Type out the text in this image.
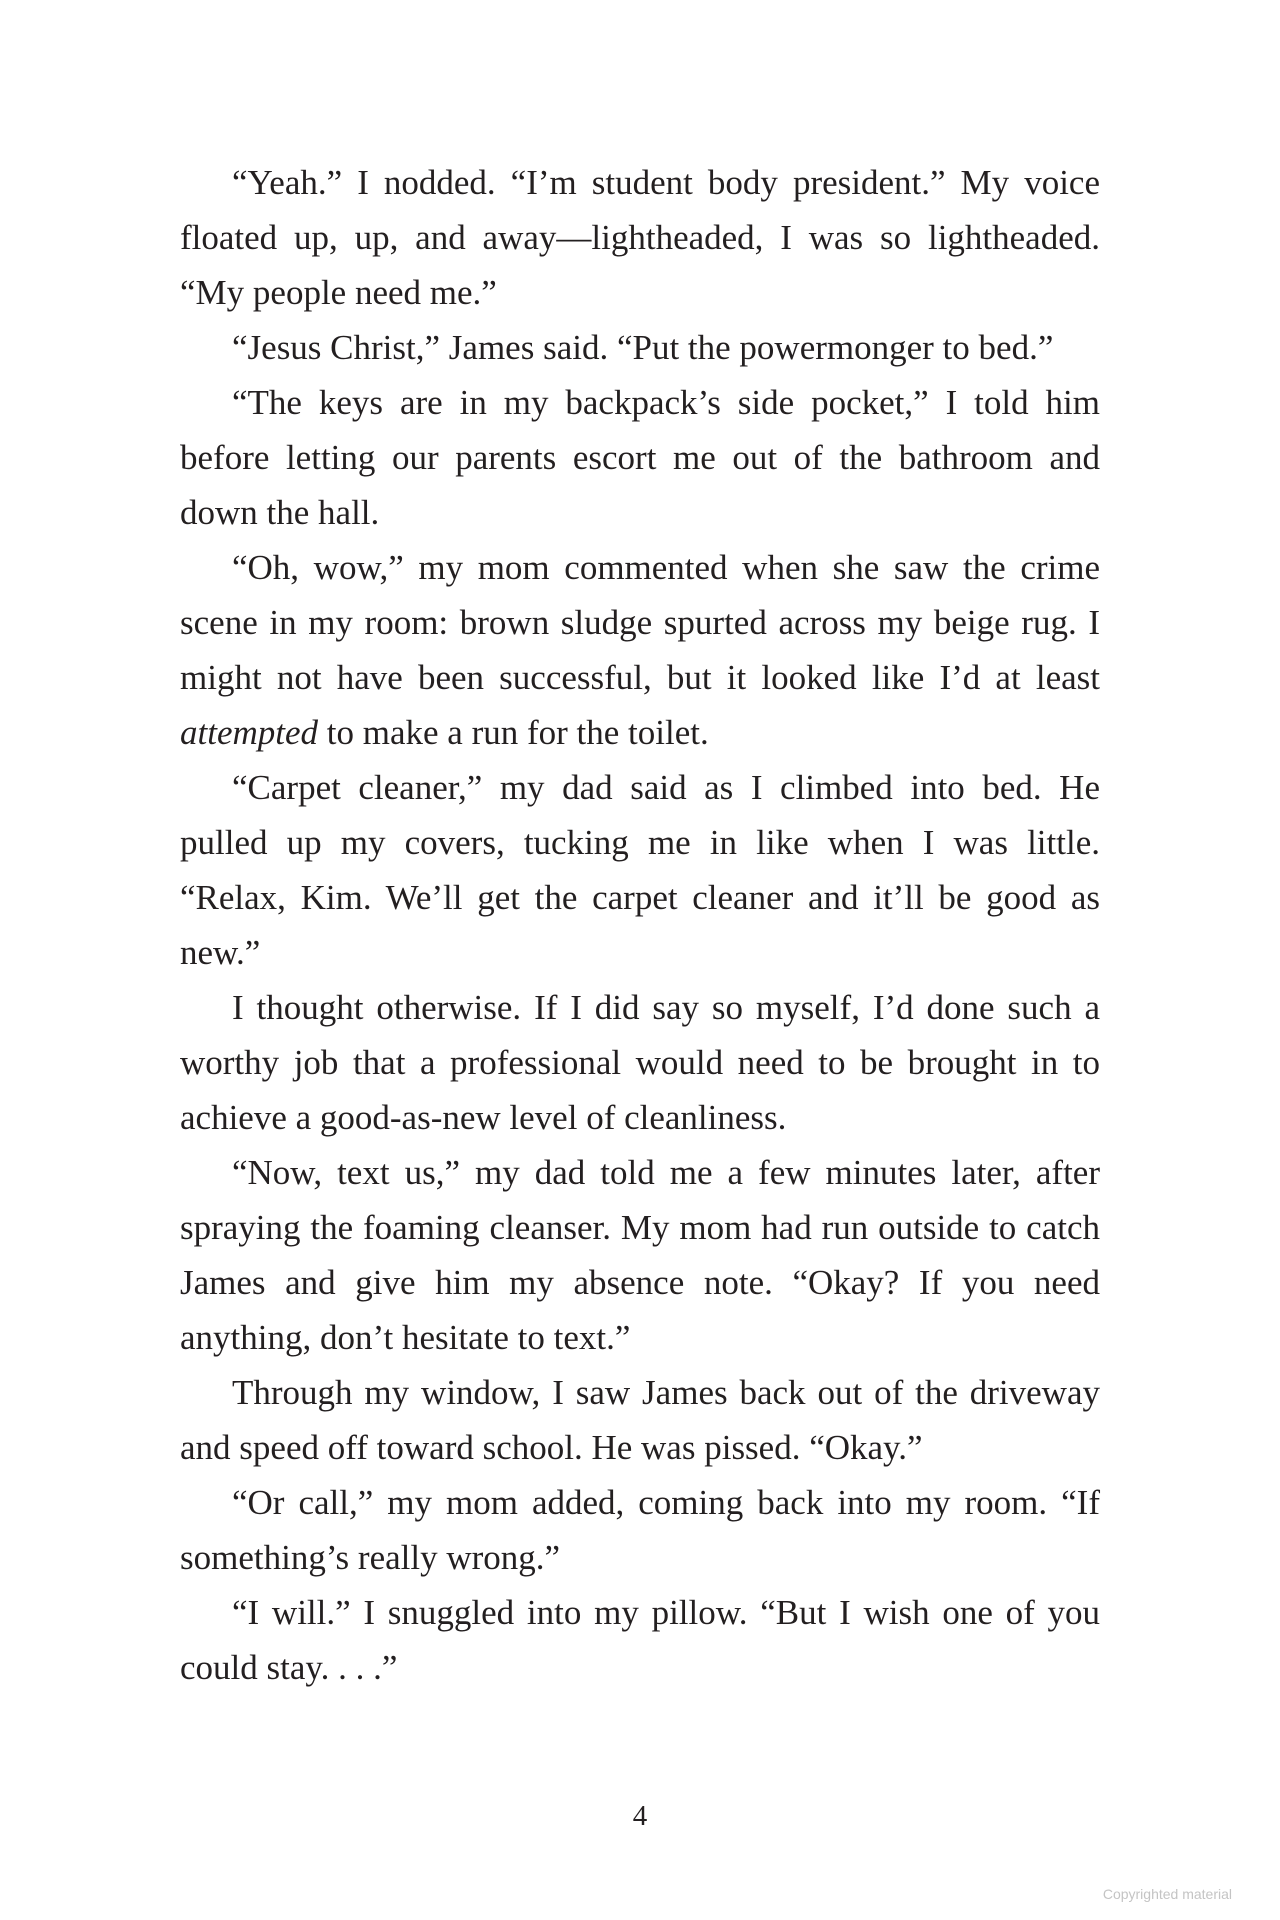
“Yeah.” I nodded. “I’m student body president.” My voice floated up, up, and away—lightheaded, I was so lightheaded. “My people need me.”

“Jesus Christ,” James said. “Put the powermonger to bed.”

“The keys are in my backpack’s side pocket,” I told him before letting our parents escort me out of the bathroom and down the hall.

“Oh, wow,” my mom commented when she saw the crime scene in my room: brown sludge spurted across my beige rug. I might not have been successful, but it looked like I’d at least attempted to make a run for the toilet.

“Carpet cleaner,” my dad said as I climbed into bed. He pulled up my covers, tucking me in like when I was little. “Relax, Kim. We’ll get the carpet cleaner and it’ll be good as new.”

I thought otherwise. If I did say so myself, I’d done such a worthy job that a professional would need to be brought in to achieve a good-as-new level of cleanliness.

“Now, text us,” my dad told me a few minutes later, after spraying the foaming cleanser. My mom had run outside to catch James and give him my absence note. “Okay? If you need anything, don’t hesitate to text.”

Through my window, I saw James back out of the driveway and speed off toward school. He was pissed. “Okay.”

“Or call,” my mom added, coming back into my room. “If something’s really wrong.”

“I will.” I snuggled into my pillow. “But I wish one of you could stay. . . .”

4
Copyrighted material
